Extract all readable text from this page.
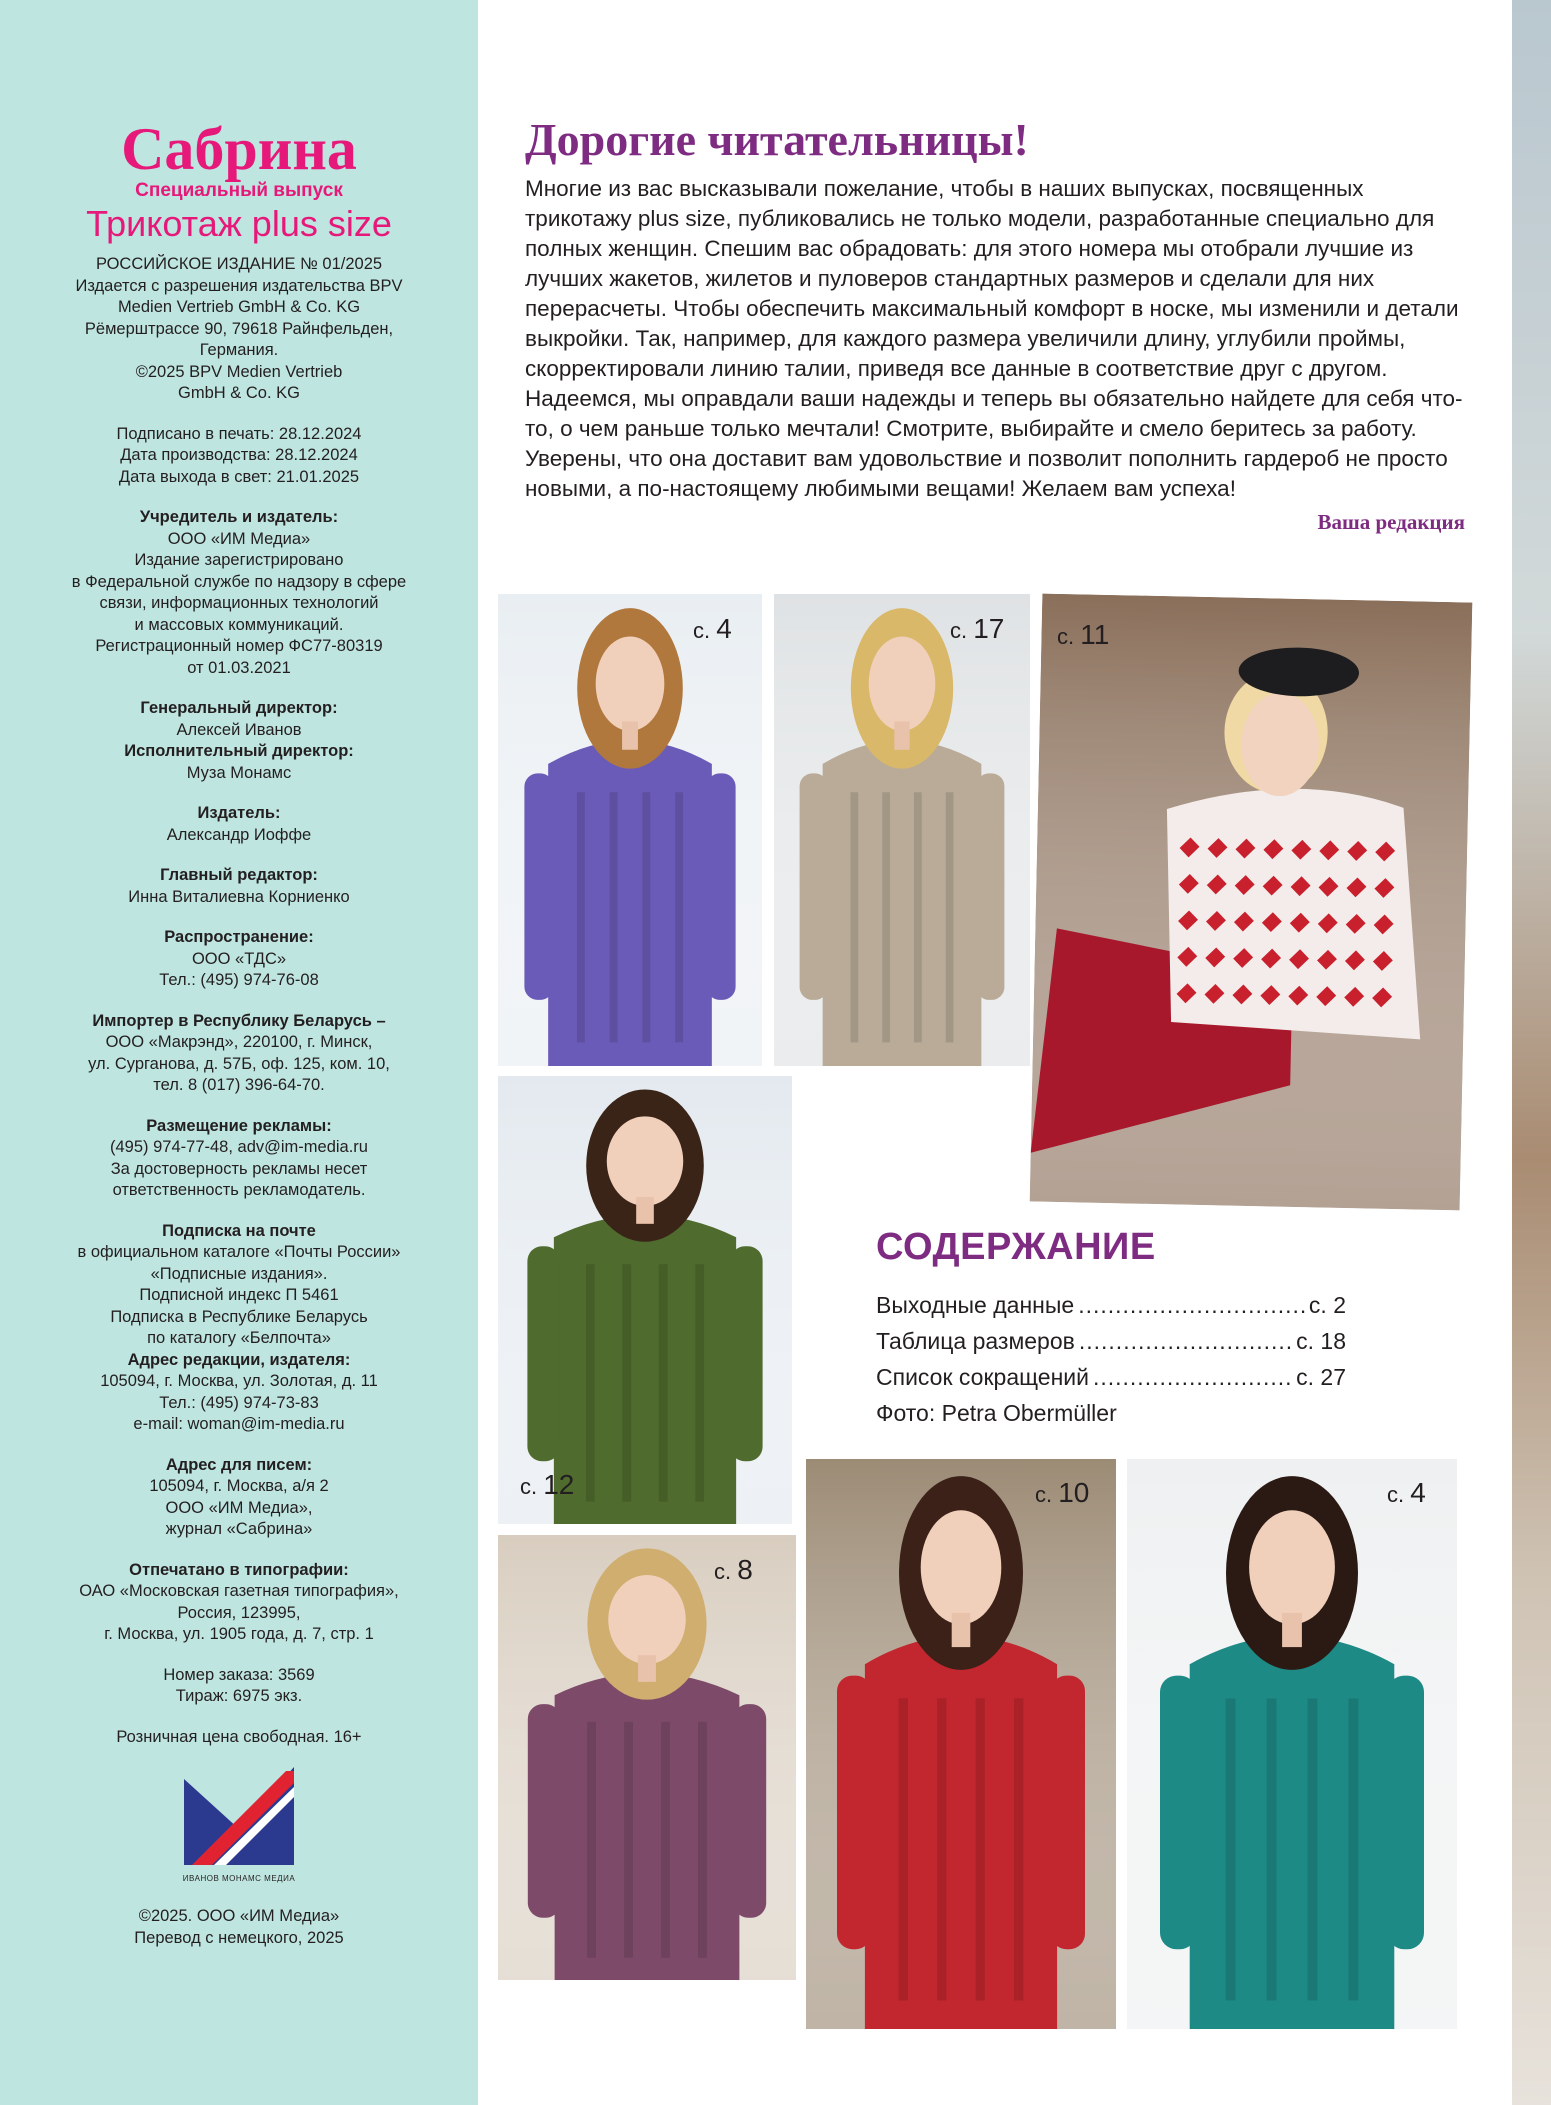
Сабрина
Специальный выпуск
Трикотаж plus size

РОССИЙСКОЕ ИЗДАНИЕ № 01/2025
Издается с разрешения издательства BPV
Medien Vertrieb GmbH & Co. KG
Рёмерштрассе 90, 79618 Райнфельден,
Германия.
©2025 BPV Medien Vertrieb
GmbH & Co. KG

Подписано в печать: 28.12.2024
Дата производства: 28.12.2024
Дата выхода в свет: 21.01.2025

Учредитель и издатель:
ООО «ИМ Медиа»
Издание зарегистрировано
в Федеральной службе по надзору в сфере
связи, информационных технологий
и массовых коммуникаций.
Регистрационный номер ФС77-80319
от 01.03.2021

Генеральный директор:
Алексей Иванов
Исполнительный директор:
Муза Монамс

Издатель:
Александр Иоффе

Главный редактор:
Инна Виталиевна Корниенко

Распространение:
ООО «ТДС»
Тел.: (495) 974-76-08

Импортер в Республику Беларусь –
ООО «Макрэнд», 220100, г. Минск,
ул. Сурганова, д. 57Б, оф. 125, ком. 10,
тел. 8 (017) 396-64-70.

Размещение рекламы:
(495) 974-77-48, adv@im-media.ru
За достоверность рекламы несет
ответственность рекламодатель.

Подписка на почте
в официальном каталоге «Почты России»
«Подписные издания».
Подписной индекс П 5461
Подписка в Республике Беларусь
по каталогу «Белпочта»
Адрес редакции, издателя:
105094, г. Москва, ул. Золотая, д. 11
Тел.: (495) 974-73-83
e-mail: woman@im-media.ru

Адрес для писем:
105094, г. Москва, а/я 2
ООО «ИМ Медиа»,
журнал «Сабрина»

Отпечатано в типографии:
ОАО «Московская газетная типография»,
Россия, 123995,
г. Москва, ул. 1905 года, д. 7, стр. 1

Номер заказа: 3569
Тираж: 6975 экз.

Розничная цена свободная. 16+

ИВАНОВ МОНАМС МЕДИА

©2025. ООО «ИМ Медиа»
Перевод с немецкого, 2025

Дорогие читательницы!

Многие из вас высказывали пожелание, чтобы в наших выпусках, посвященных трикотажу plus size, публиковались не только модели, разработанные специально для полных женщин. Спешим вас обрадовать: для этого номера мы отобрали лучшие из лучших жакетов, жилетов и пуловеров стандартных размеров и сделали для них перерасчеты. Чтобы обеспечить максимальный комфорт в носке, мы изменили и детали выкройки. Так, например, для каждого размера увеличили длину, углубили проймы, скорректировали линию талии, приведя все данные в соответствие друг с другом. Надеемся, мы оправдали ваши надежды и теперь вы обязательно найдете для себя что-то, о чем раньше только мечтали! Смотрите, выбирайте и смело беритесь за работу. Уверены, что она доставит вам удовольствие и позволит пополнить гардероб не просто новыми, а по-настоящему любимыми вещами! Желаем вам успеха!

Ваша редакция
с. 4	с. 17 с. 11
с. 12
с. 8
с. 10	с. 4
СОДЕРЖАНИЕ
Выходные данные .....	с. 2
Таблица размеров .....	с. 18
Список сокращений .....	с. 27
Фото: Petra Obermüller
